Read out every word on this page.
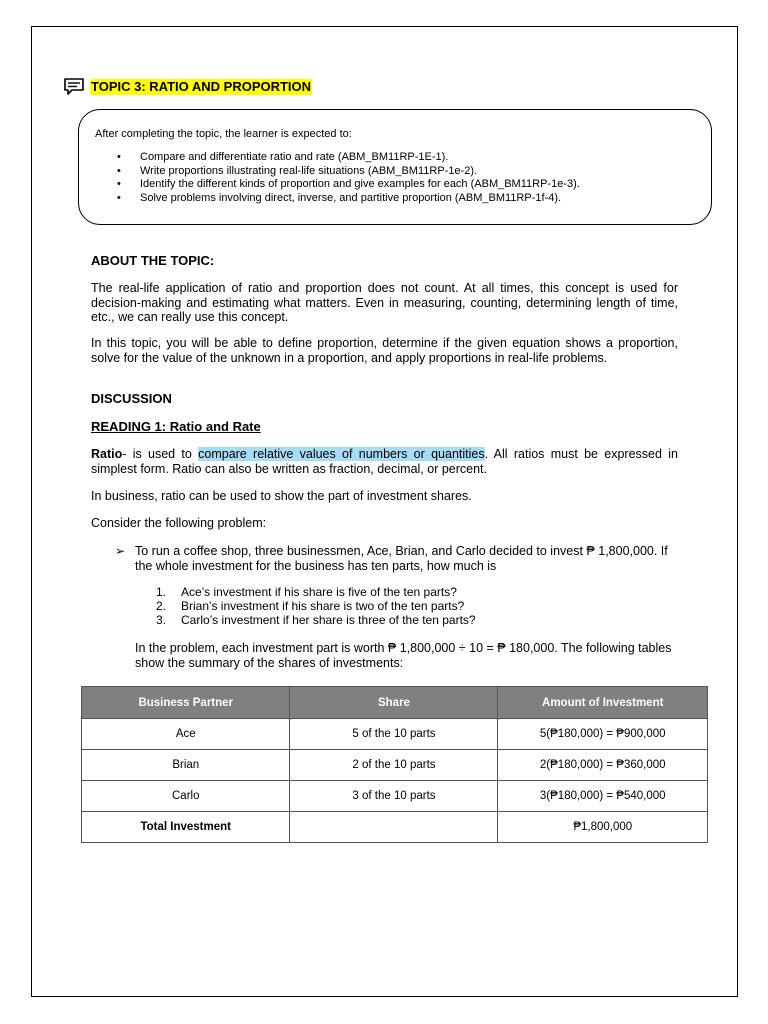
TOPIC 3: RATIO AND PROPORTION
After completing the topic, the learner is expected to:
• Compare and differentiate ratio and rate (ABM_BM11RP-1E-1).
• Write proportions illustrating real-life situations (ABM_BM11RP-1e-2).
• Identify the different kinds of proportion and give examples for each (ABM_BM11RP-1e-3).
• Solve problems involving direct, inverse, and partitive proportion (ABM_BM11RP-1f-4).
ABOUT THE TOPIC:
The real-life application of ratio and proportion does not count. At all times, this concept is used for decision-making and estimating what matters. Even in measuring, counting, determining length of time, etc., we can really use this concept.
In this topic, you will be able to define proportion, determine if the given equation shows a proportion, solve for the value of the unknown in a proportion, and apply proportions in real-life problems.
DISCUSSION
READING 1: Ratio and Rate
Ratio- is used to compare relative values of numbers or quantities. All ratios must be expressed in simplest form. Ratio can also be written as fraction, decimal, or percent.
In business, ratio can be used to show the part of investment shares.
Consider the following problem:
➢ To run a coffee shop, three businessmen, Ace, Brian, and Carlo decided to invest ₱ 1,800,000. If the whole investment for the business has ten parts, how much is
1. Ace’s investment if his share is five of the ten parts?
2. Brian’s investment if his share is two of the ten parts?
3. Carlo’s investment if her share is three of the ten parts?
In the problem, each investment part is worth ₱ 1,800,000 ÷ 10 = ₱ 180,000. The following tables show the summary of the shares of investments:
Business Partner	Share	Amount of Investment
Ace	5 of the 10 parts	5(₱180,000) = ₱900,000
Brian	2 of the 10 parts	2(₱180,000) = ₱360,000
Carlo	3 of the 10 parts	3(₱180,000) = ₱540,000
Total Investment		₱1,800,000
